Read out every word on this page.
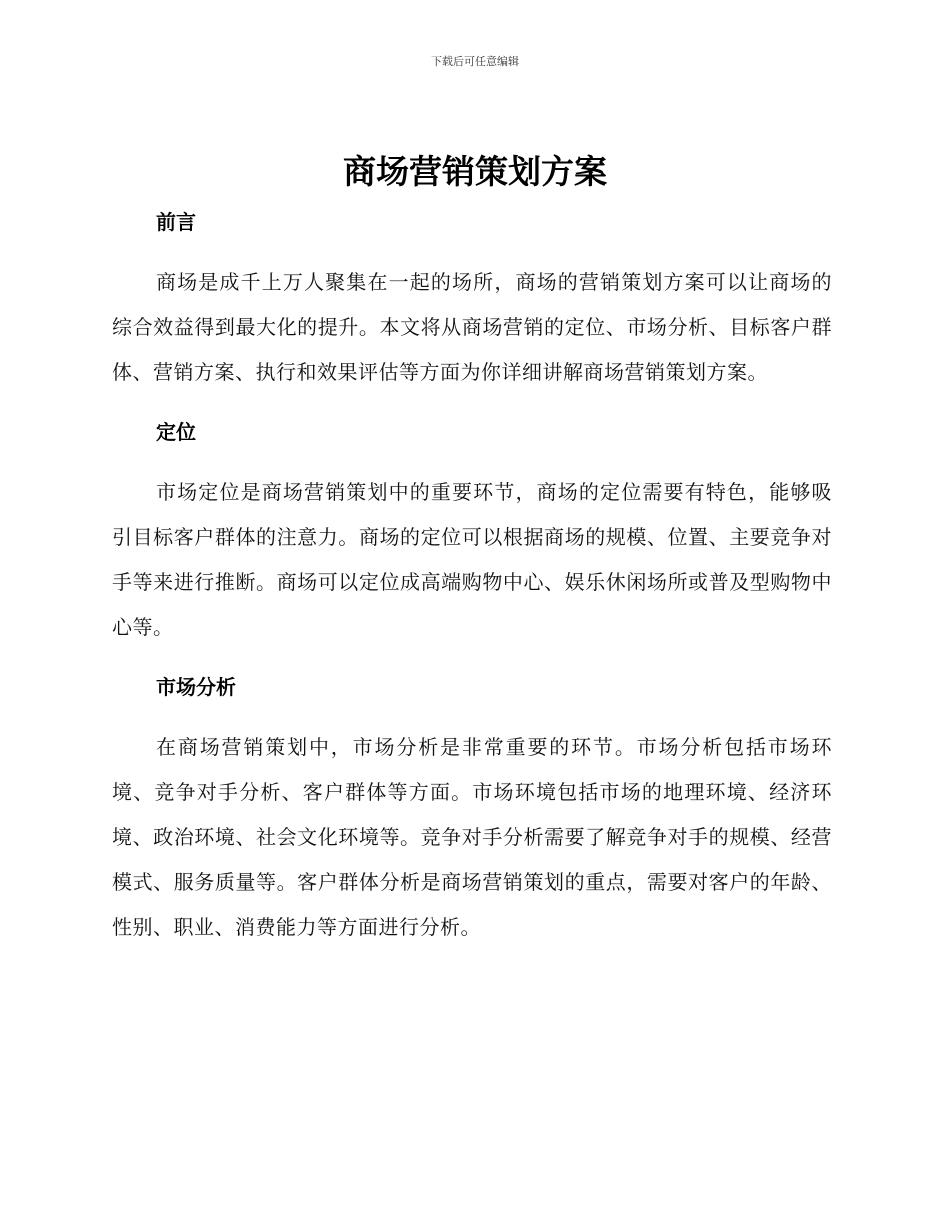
下载后可任意编辑
商场营销策划方案
前言

商场是成千上万人聚集在一起的场所，商场的营销策划方案可以让商场的综合效益得到最大化的提升。本文将从商场营销的定位、市场分析、目标客户群体、营销方案、执行和效果评估等方面为你详细讲解商场营销策划方案。

定位

市场定位是商场营销策划中的重要环节，商场的定位需要有特色，能够吸引目标客户群体的注意力。商场的定位可以根据商场的规模、位置、主要竞争对手等来进行推断。商场可以定位成高端购物中心、娱乐休闲场所或普及型购物中心等。

市场分析

在商场营销策划中，市场分析是非常重要的环节。市场分析包括市场环境、竞争对手分析、客户群体等方面。市场环境包括市场的地理环境、经济环境、政治环境、社会文化环境等。竞争对手分析需要了解竞争对手的规模、经营模式、服务质量等。客户群体分析是商场营销策划的重点，需要对客户的年龄、性别、职业、消费能力等方面进行分析。
